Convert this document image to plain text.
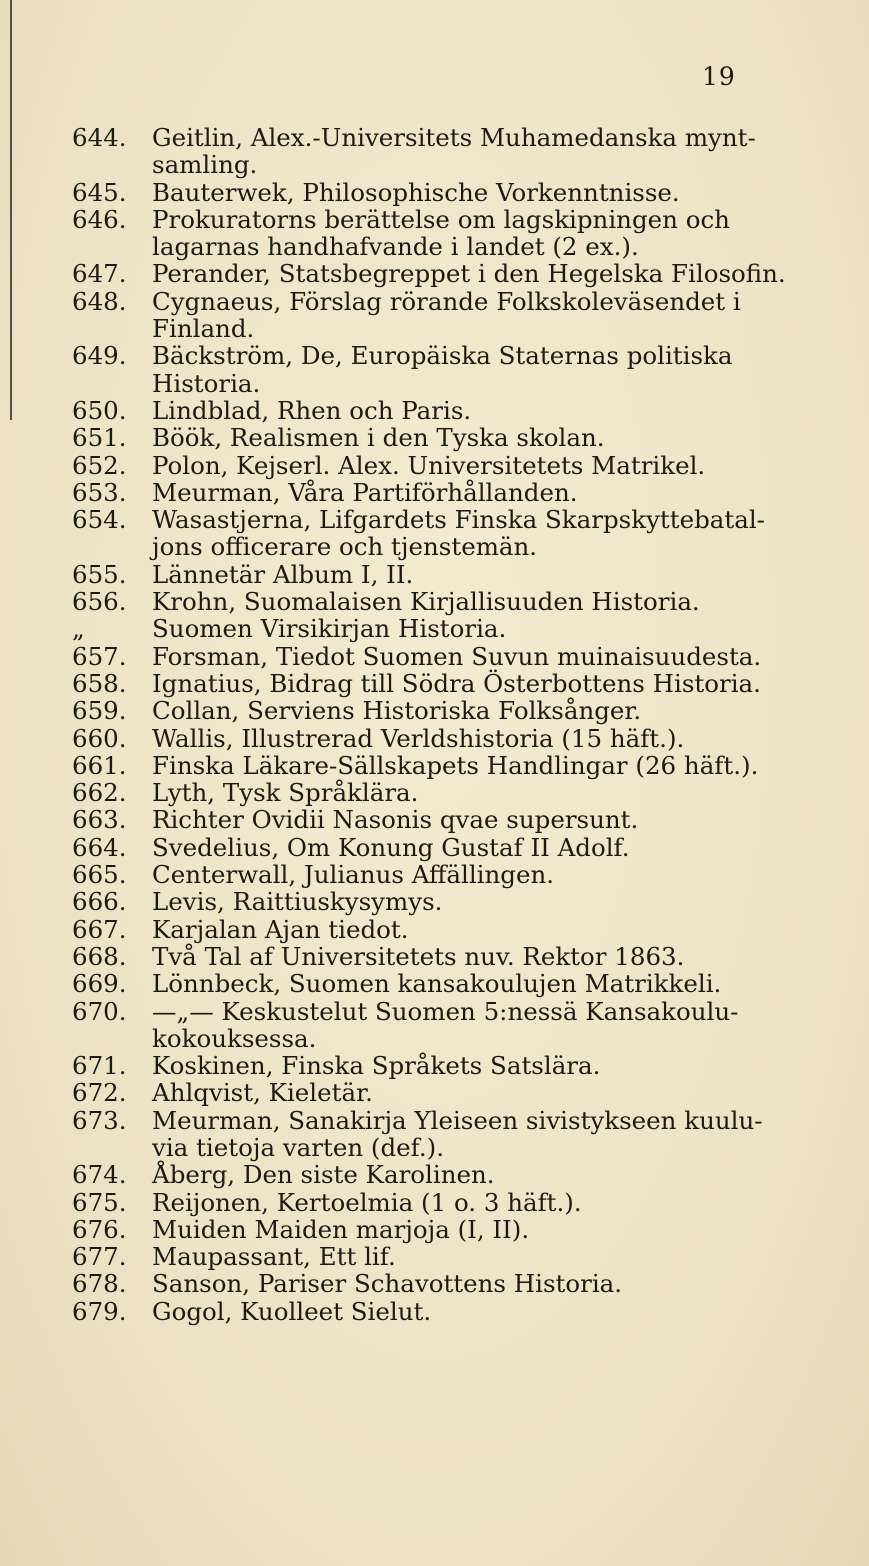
19
644.	Geitlin, Alex.-Universitets Muhamedanska mynt-
samling.
645.	Bauterwek, Philosophische Vorkenntnisse.
646.	Prokuratorns berättelse om lagskipningen och
lagarnas handhafvande i landet (2 ex.).
647.	Perander, Statsbegreppet i den Hegelska Filosofin.
648.	Cygnaeus, Förslag rörande Folkskoleväsendet i
Finland.
649.	Bäckström, De, Europäiska Staternas politiska
Historia.
650.	Lindblad, Rhen och Paris.
651.	Böök, Realismen i den Tyska skolan.
652.	Polon, Kejserl. Alex. Universitetets Matrikel.
653.	Meurman, Våra Partiförhållanden.
654.	Wasastjerna, Lifgardets Finska Skarpskyttebatal-
jons officerare och tjenstemän.
655.	Lännetär Album I, II.
656.	Krohn, Suomalaisen Kirjallisuuden Historia.
„	Suomen Virsikirjan Historia.
657.	Forsman, Tiedot Suomen Suvun muinaisuudesta.
658.	Ignatius, Bidrag till Södra Österbottens Historia.
659.	Collan, Serviens Historiska Folksånger.
660.	Wallis, Illustrerad Verldshistoria (15 häft.).
661.	Finska Läkare-Sällskapets Handlingar (26 häft.).
662.	Lyth, Tysk Språklära.
663.	Richter Ovidii Nasonis qvae supersunt.
664.	Svedelius, Om Konung Gustaf II Adolf.
665.	Centerwall, Julianus Affällingen.
666.	Levis, Raittiuskysymys.
667.	Karjalan Ajan tiedot.
668.	Två Tal af Universitetets nuv. Rektor 1863.
669.	Lönnbeck, Suomen kansakoulujen Matrikkeli.
670.	—„— Keskustelut Suomen 5:nessä Kansakoulu-
kokouksessa.
671.	Koskinen, Finska Språkets Satslära.
672.	Ahlqvist, Kieletär.
673.	Meurman, Sanakirja Yleiseen sivistykseen kuulu-
via tietoja varten (def.).
674.	Åberg, Den siste Karolinen.
675.	Reijonen, Kertoelmia (1 o. 3 häft.).
676.	Muiden Maiden marjoja (I, II).
677.	Maupassant, Ett lif.
678.	Sanson, Pariser Schavottens Historia.
679.	Gogol, Kuolleet Sielut.
